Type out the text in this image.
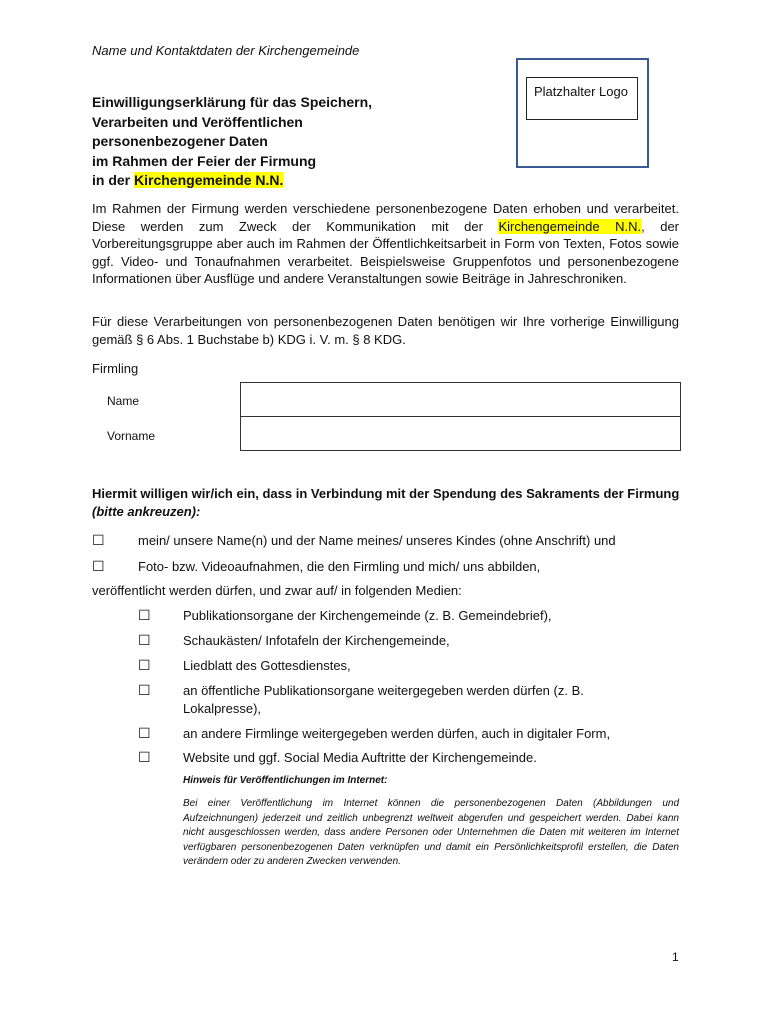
Name und Kontaktdaten der Kirchengemeinde
Platzhalter Logo
Einwilligungserklärung für das Speichern,
Verarbeiten und Veröffentlichen
personenbezogener Daten
im Rahmen der Feier der Firmung
in der Kirchengemeinde N.N.
Im Rahmen der Firmung werden verschiedene personenbezogene Daten erhoben und verarbeitet. Diese werden zum Zweck der Kommunikation mit der Kirchengemeinde N.N., der Vorbereitungsgruppe aber auch im Rahmen der Öffentlichkeitsarbeit in Form von Texten, Fotos sowie ggf. Video- und Tonaufnahmen verarbeitet. Beispielsweise Gruppenfotos und personenbezogene Informationen über Ausflüge und andere Veranstaltungen sowie Beiträge in Jahreschroniken.
Für diese Verarbeitungen von personenbezogenen Daten benötigen wir Ihre vorherige Einwilligung gemäß § 6 Abs. 1 Buchstabe b) KDG i. V. m. § 8 KDG.
Firmling
Name
Vorname
Hiermit willigen wir/ich ein, dass in Verbindung mit der Spendung des Sakraments der Firmung (bitte ankreuzen):
☐	mein/ unsere Name(n) und der Name meines/ unseres Kindes (ohne Anschrift) und
☐	Foto- bzw. Videoaufnahmen, die den Firmling und mich/ uns abbilden,
veröffentlicht werden dürfen, und zwar auf/ in folgenden Medien:
☐ Publikationsorgane der Kirchengemeinde (z. B. Gemeindebrief),
☐ Schaukästen/ Infotafeln der Kirchengemeinde,
☐ Liedblatt des Gottesdienstes,
☐ an öffentliche Publikationsorgane weitergegeben werden dürfen (z. B. Lokalpresse),
☐ an andere Firmlinge weitergegeben werden dürfen, auch in digitaler Form,
☐ Website und ggf. Social Media Auftritte der Kirchengemeinde.
Hinweis für Veröffentlichungen im Internet:
Bei einer Veröffentlichung im Internet können die personenbezogenen Daten (Abbildungen und Aufzeichnungen) jederzeit und zeitlich unbegrenzt weltweit abgerufen und gespeichert werden. Dabei kann nicht ausgeschlossen werden, dass andere Personen oder Unternehmen die Daten mit weiteren im Internet verfügbaren personenbezogenen Daten verknüpfen und damit ein Persönlichkeitsprofil erstellen, die Daten verändern oder zu anderen Zwecken verwenden.
1
